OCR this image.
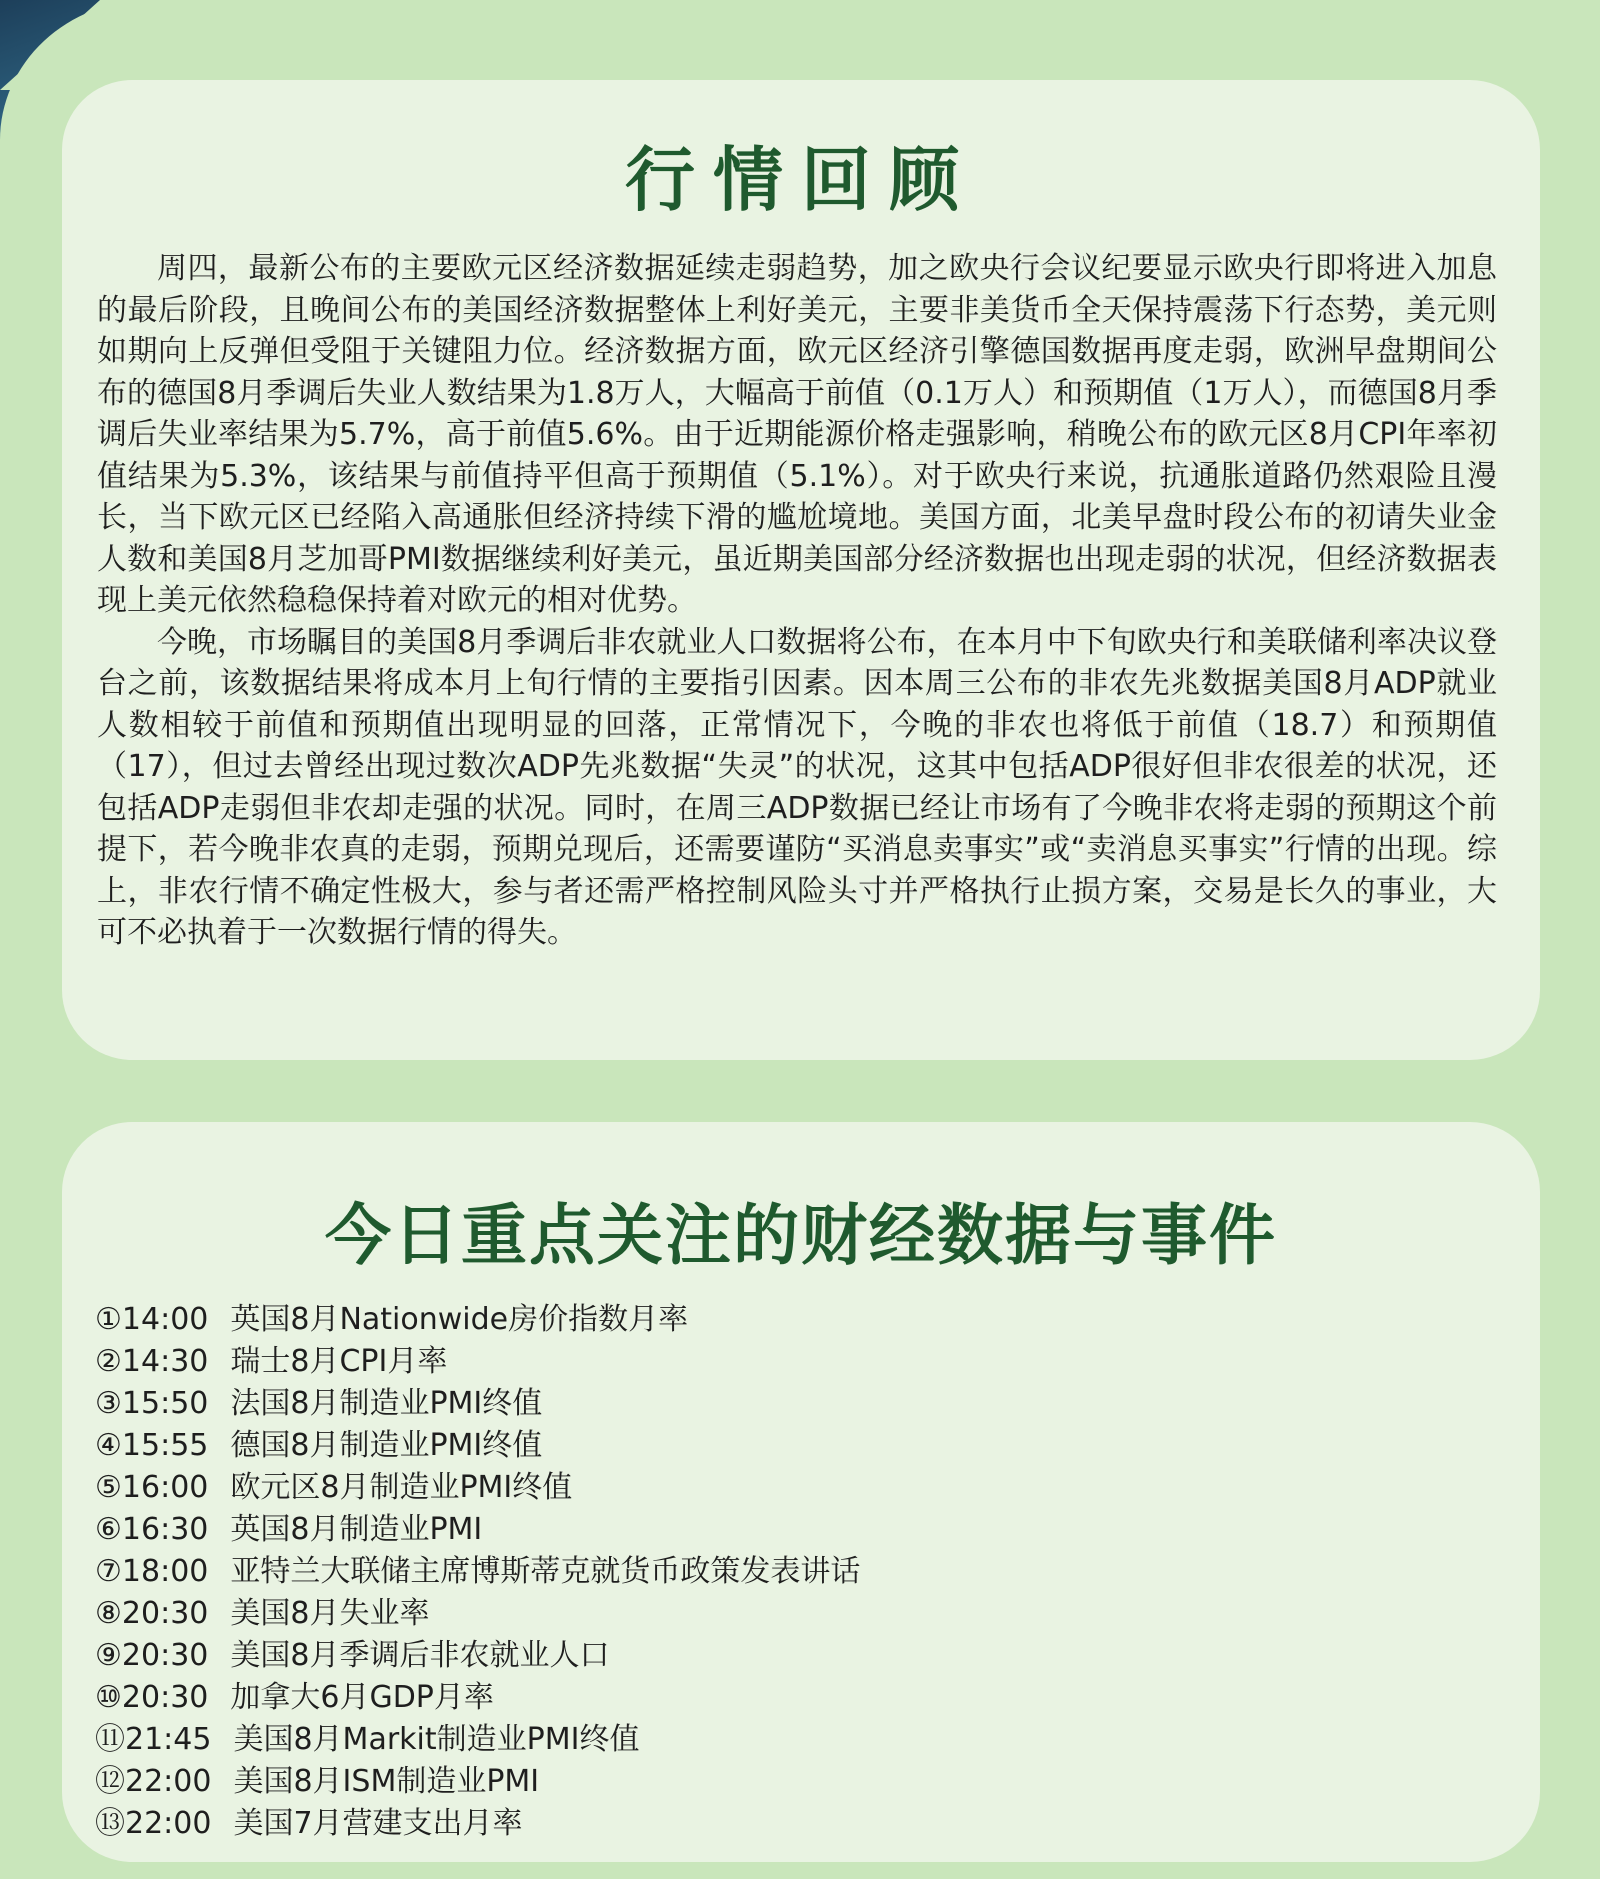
行情回顾

周四，最新公布的主要欧元区经济数据延续走弱趋势，加之欧央行会议纪要显示欧央行即将进入加息的最后阶段，且晚间公布的美国经济数据整体上利好美元，主要非美货币全天保持震荡下行态势，美元则如期向上反弹但受阻于关键阻力位。经济数据方面，欧元区经济引擎德国数据再度走弱，欧洲早盘期间公布的德国8月季调后失业人数结果为1.8万人，大幅高于前值（0.1万人）和预期值（1万人），而德国8月季调后失业率结果为5.7%，高于前值5.6%。由于近期能源价格走强影响，稍晚公布的欧元区8月CPI年率初值结果为5.3%，该结果与前值持平但高于预期值（5.1%）。对于欧央行来说，抗通胀道路仍然艰险且漫长，当下欧元区已经陷入高通胀但经济持续下滑的尴尬境地。美国方面，北美早盘时段公布的初请失业金人数和美国8月芝加哥PMI数据继续利好美元，虽近期美国部分经济数据也出现走弱的状况，但经济数据表现上美元依然稳稳保持着对欧元的相对优势。

今晚，市场瞩目的美国8月季调后非农就业人口数据将公布，在本月中下旬欧央行和美联储利率决议登台之前，该数据结果将成本月上旬行情的主要指引因素。因本周三公布的非农先兆数据美国8月ADP就业人数相较于前值和预期值出现明显的回落，正常情况下，今晚的非农也将低于前值（18.7）和预期值（17），但过去曾经出现过数次ADP先兆数据“失灵”的状况，这其中包括ADP很好但非农很差的状况，还包括ADP走弱但非农却走强的状况。同时，在周三ADP数据已经让市场有了今晚非农将走弱的预期这个前提下，若今晚非农真的走弱，预期兑现后，还需要谨防“买消息卖事实”或“卖消息买事实”行情的出现。综上，非农行情不确定性极大，参与者还需严格控制风险头寸并严格执行止损方案，交易是长久的事业，大可不必执着于一次数据行情的得失。

今日重点关注的财经数据与事件
①14:00 英国8月Nationwide房价指数月率
②14:30 瑞士8月CPI月率
③15:50 法国8月制造业PMI终值
④15:55 德国8月制造业PMI终值
⑤16:00 欧元区8月制造业PMI终值
⑥16:30 英国8月制造业PMI
⑦18:00 亚特兰大联储主席博斯蒂克就货币政策发表讲话
⑧20:30 美国8月失业率
⑨20:30 美国8月季调后非农就业人口
⑩20:30 加拿大6月GDP月率
⑪21:45 美国8月Markit制造业PMI终值
⑫22:00 美国8月ISM制造业PMI
⑬22:00 美国7月营建支出月率
